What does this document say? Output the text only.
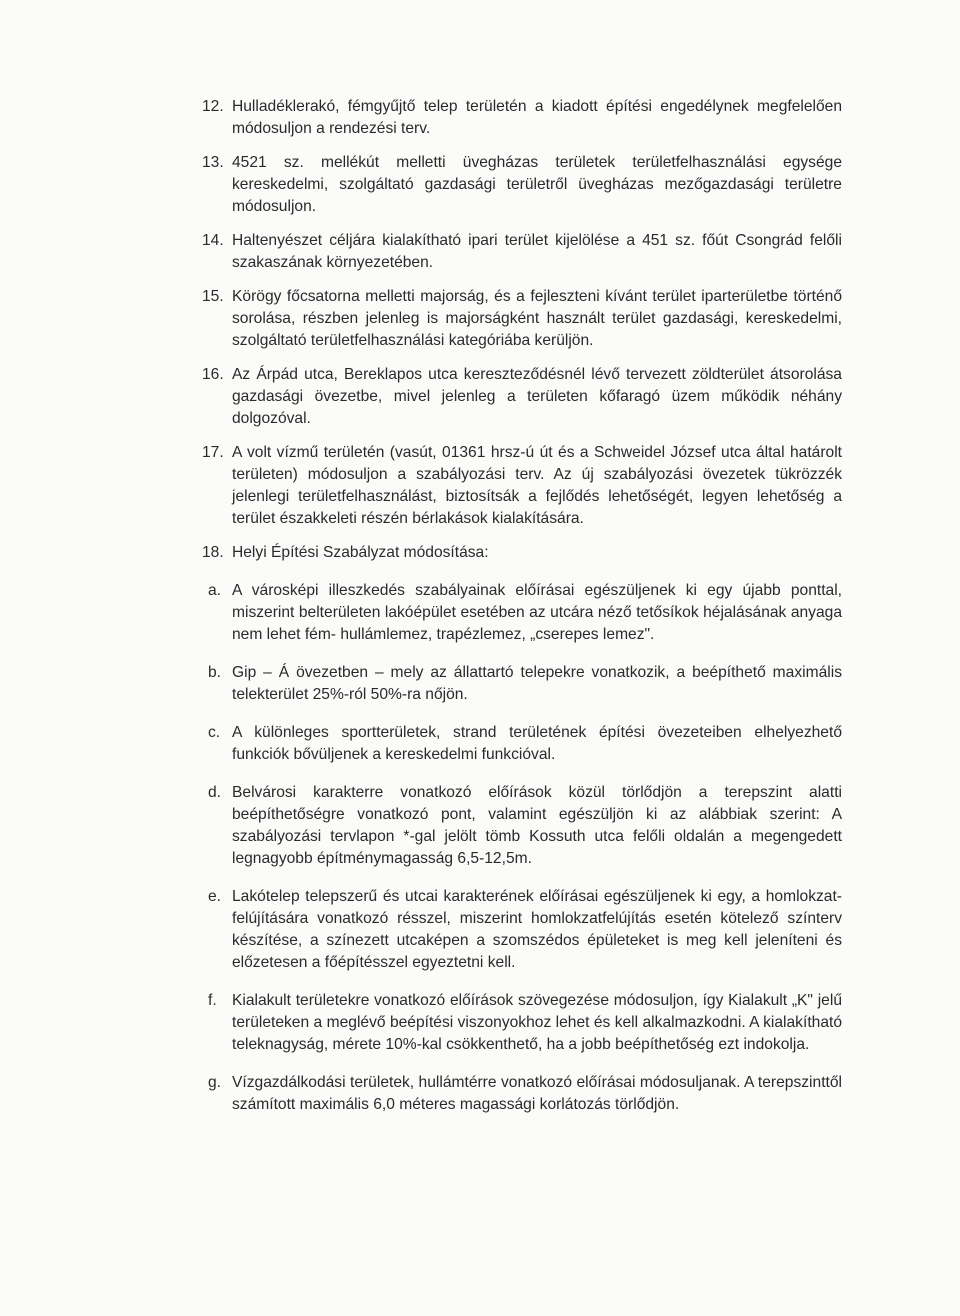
12. Hulladéklerakó, fémgyűjtő telep területén a kiadott építési engedélynek megfelelően módosuljon a rendezési terv.
13. 4521 sz. mellékút melletti üvegházas területek területfelhasználási egysége kereskedelmi, szolgáltató gazdasági területről üvegházas mezőgazdasági területre módosuljon.
14. Haltenyészet céljára kialakítható ipari terület kijelölése a 451 sz. főút Csongrád felőli szakaszának környezetében.
15. Körögy főcsatorna melletti majorság, és a fejleszteni kívánt terület iparterületbe történő sorolása, részben jelenleg is majorságként használt terület gazdasági, kereskedelmi, szolgáltató területfelhasználási kategóriába kerüljön.
16. Az Árpád utca, Bereklapos utca kereszteződésnél lévő tervezett zöldterület átsorolása gazdasági övezetbe, mivel jelenleg a területen kőfaragó üzem működik néhány dolgozóval.
17. A volt vízmű területén (vasút, 01361 hrsz-ú út és a Schweidel József utca által határolt területen) módosuljon a szabályozási terv. Az új szabályozási övezetek tükrözzék jelenlegi területfelhasználást, biztosítsák a fejlődés lehetőségét, legyen lehetőség a terület északkeleti részén bérlakások kialakítására.
18. Helyi Építési Szabályzat módosítása:
a. A városképi illeszkedés szabályainak előírásai egészüljenek ki egy újabb ponttal, miszerint belterületen lakóépület esetében az utcára néző tetősíkok héjalásának anyaga nem lehet fém- hullámlemez, trapézlemez, „cserepes lemez".
b. Gip – Á övezetben – mely az állattartó telepekre vonatkozik, a beépíthető maximális telekterület 25%-ról 50%-ra nőjön.
c. A különleges sportterületek, strand területének építési övezeteiben elhelyezhető funkciók bővüljenek a kereskedelmi funkcióval.
d. Belvárosi karakterre vonatkozó előírások közül törlődjön a terepszint alatti beépíthetőségre vonatkozó pont, valamint egészüljön ki az alábbiak szerint: A szabályozási tervlapon *-gal jelölt tömb Kossuth utca felőli oldalán a megengedett legnagyobb építménymagasság 6,5-12,5m.
e. Lakótelep telepszerű és utcai karakterének előírásai egészüljenek ki egy, a homlokzat-felújítására vonatkozó résszel, miszerint homlokzatfelújítás esetén kötelező színterv készítése, a színezett utcaképen a szomszédos épületeket is meg kell jeleníteni és előzetesen a főépítésszel egyeztetni kell.
f. Kialakult területekre vonatkozó előírások szövegezése módosuljon, így Kialakult „K" jelű területeken a meglévő beépítési viszonyokhoz lehet és kell alkalmazkodni. A kialakítható teleknagyság, mérete 10%-kal csökkenthető, ha a jobb beépíthetőség ezt indokolja.
g. Vízgazdálkodási területek, hullámtérre vonatkozó előírásai módosuljanak. A terepszinttől számított maximális 6,0 méteres magassági korlátozás törlődjön.
